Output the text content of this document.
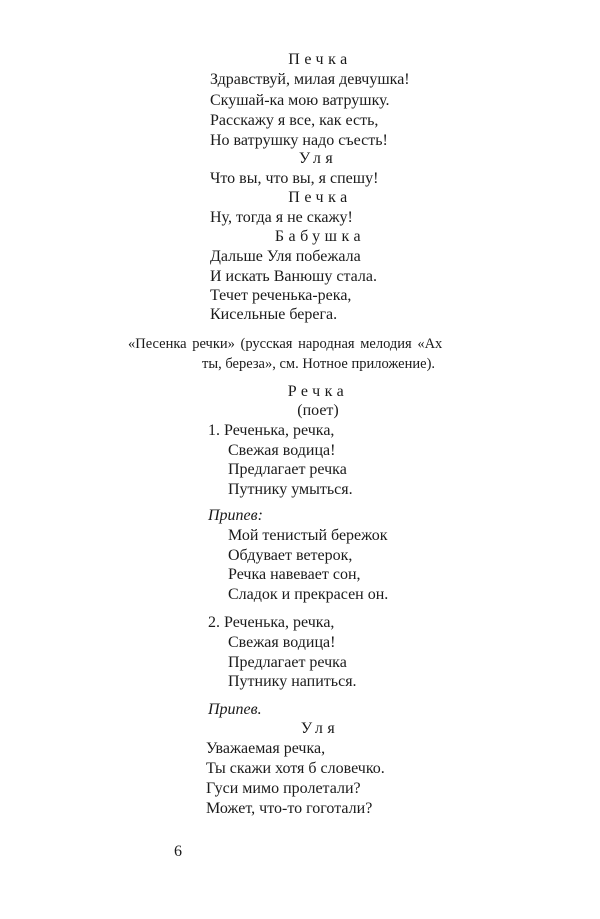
Печка
Здравствуй, милая девчушка!
Скушай-ка мою ватрушку.
Расскажу я все, как есть,
Но ватрушку надо съесть!
Уля
Что вы, что вы, я спешу!
Печка
Ну, тогда я не скажу!
Бабушка
Дальше Уля побежала
И искать Ванюшу стала.
Течет реченька-река,
Кисельные берега.
«Песенка речки» (русская народная мелодия «Ах
ты, береза», см. Нотное приложение).
Речка
(поет)
1. Реченька, речка,
Свежая водица!
Предлагает речка
Путнику умыться.
Припев:
Мой тенистый бережок
Обдувает ветерок,
Речка навевает сон,
Сладок и прекрасен он.
2. Реченька, речка,
Свежая водица!
Предлагает речка
Путнику напиться.
Припев.
Уля
Уважаемая речка,
Ты скажи хотя б словечко.
Гуси мимо пролетали?
Может, что-то гоготали?
6
